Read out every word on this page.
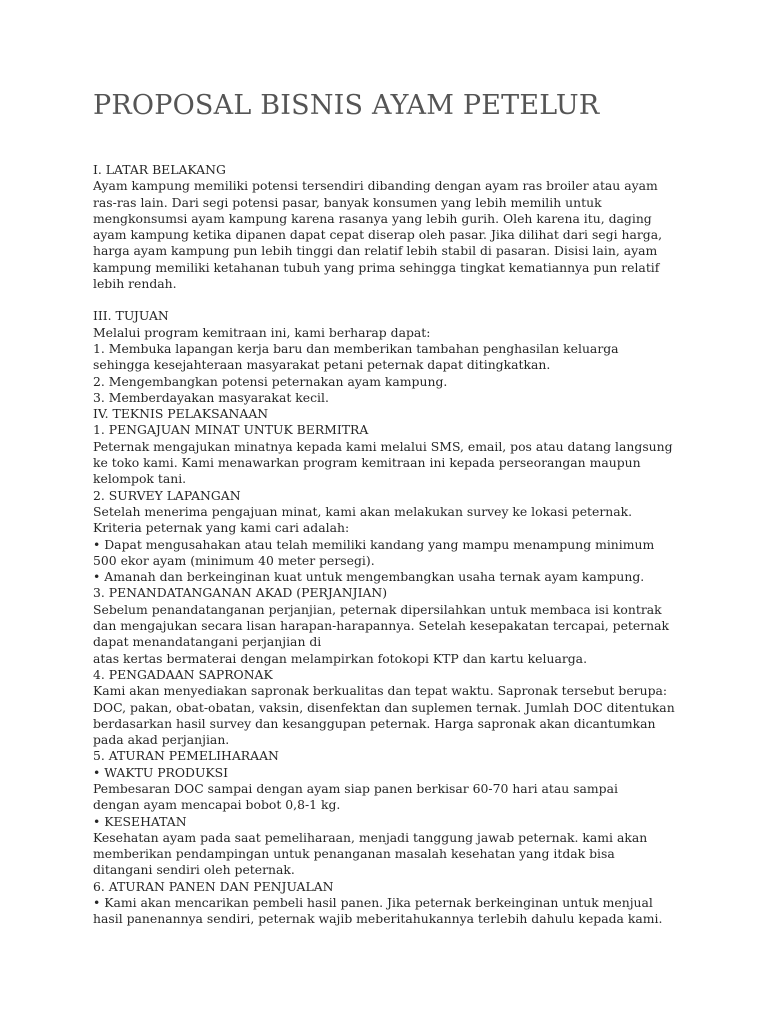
PROPOSAL BISNIS AYAM PETELUR
I. LATAR BELAKANG
Ayam kampung memiliki potensi tersendiri dibanding dengan ayam ras broiler atau ayam
ras-ras lain. Dari segi potensi pasar, banyak konsumen yang lebih memilih untuk
mengkonsumsi ayam kampung karena rasanya yang lebih gurih. Oleh karena itu, daging
ayam kampung ketika dipanen dapat cepat diserap oleh pasar. Jika dilihat dari segi harga,
harga ayam kampung pun lebih tinggi dan relatif lebih stabil di pasaran. Disisi lain, ayam
kampung memiliki ketahanan tubuh yang prima sehingga tingkat kematiannya pun relatif
lebih rendah.
III. TUJUAN
Melalui program kemitraan ini, kami berharap dapat:
1. Membuka lapangan kerja baru dan memberikan tambahan penghasilan keluarga
sehingga kesejahteraan masyarakat petani peternak dapat ditingkatkan.
2. Mengembangkan potensi peternakan ayam kampung.
3. Memberdayakan masyarakat kecil.
IV. TEKNIS PELAKSANAAN
1. PENGAJUAN MINAT UNTUK BERMITRA
Peternak mengajukan minatnya kepada kami melalui SMS, email, pos atau datang langsung
ke toko kami. Kami menawarkan program kemitraan ini kepada perseorangan maupun
kelompok tani.
2. SURVEY LAPANGAN
Setelah menerima pengajuan minat, kami akan melakukan survey ke lokasi peternak.
Kriteria peternak yang kami cari adalah:
• Dapat mengusahakan atau telah memiliki kandang yang mampu menampung minimum
500 ekor ayam (minimum 40 meter persegi).
• Amanah dan berkeinginan kuat untuk mengembangkan usaha ternak ayam kampung.
3. PENANDATANGANAN AKAD (PERJANJIAN)
Sebelum penandatanganan perjanjian, peternak dipersilahkan untuk membaca isi kontrak
dan mengajukan secara lisan harapan-harapannya. Setelah kesepakatan tercapai, peternak
dapat menandatangani perjanjian di
atas kertas bermaterai dengan melampirkan fotokopi KTP dan kartu keluarga.
4. PENGADAAN SAPRONAK
Kami akan menyediakan sapronak berkualitas dan tepat waktu. Sapronak tersebut berupa:
DOC, pakan, obat-obatan, vaksin, disenfektan dan suplemen ternak. Jumlah DOC ditentukan
berdasarkan hasil survey dan kesanggupan peternak. Harga sapronak akan dicantumkan
pada akad perjanjian.
5. ATURAN PEMELIHARAAN
• WAKTU PRODUKSI
Pembesaran DOC sampai dengan ayam siap panen berkisar 60-70 hari atau sampai
dengan ayam mencapai bobot 0,8-1 kg.
• KESEHATAN
Kesehatan ayam pada saat pemeliharaan, menjadi tanggung jawab peternak. kami akan
memberikan pendampingan untuk penanganan masalah kesehatan yang itdak bisa
ditangani sendiri oleh peternak.
6. ATURAN PANEN DAN PENJUALAN
• Kami akan mencarikan pembeli hasil panen. Jika peternak berkeinginan untuk menjual
hasil panenannya sendiri, peternak wajib meberitahukannya terlebih dahulu kepada kami.
